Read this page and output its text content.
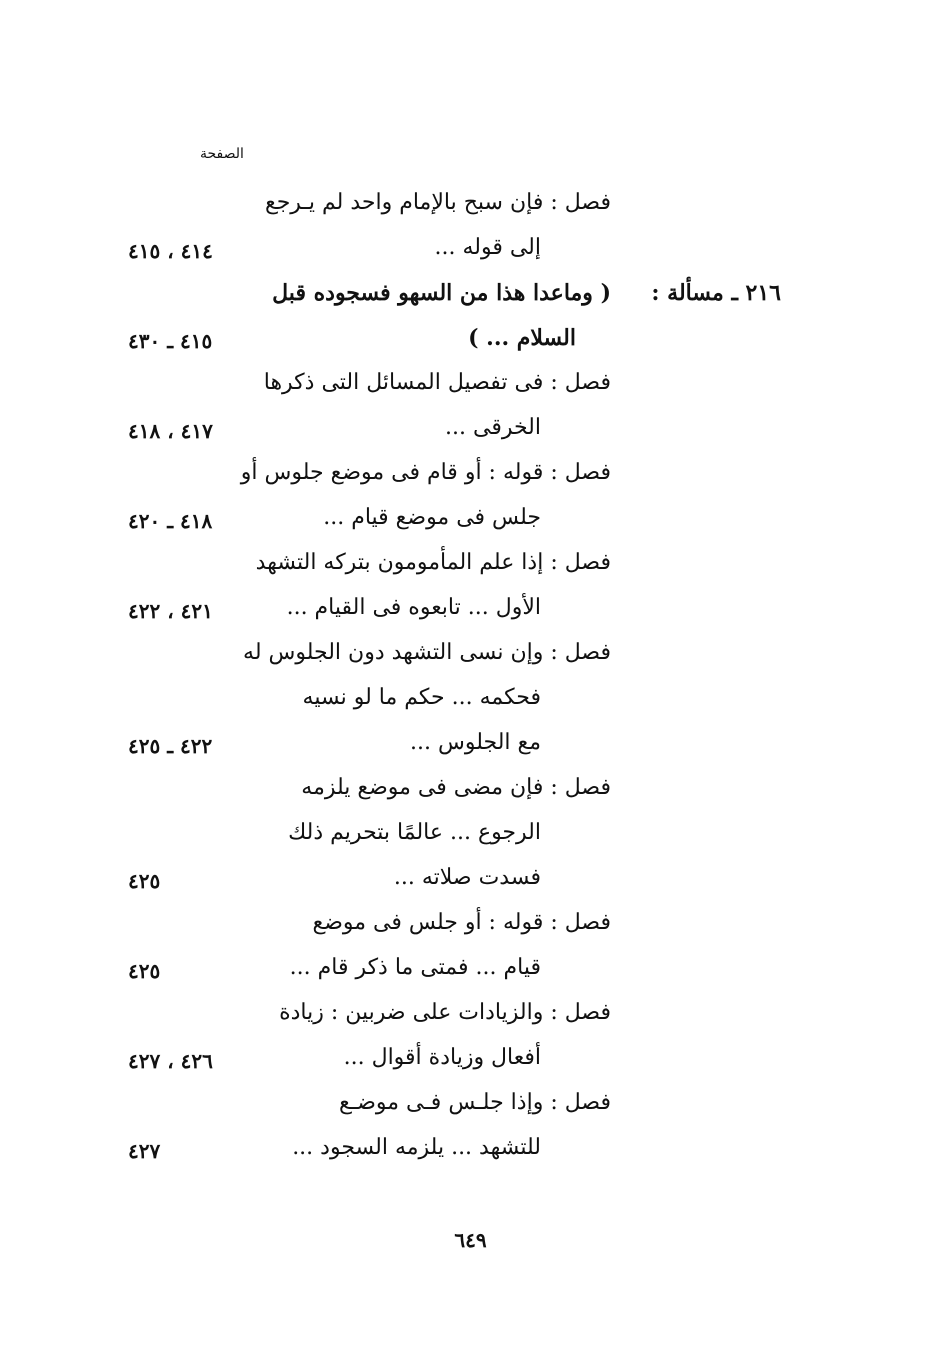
الصفحة
فصل : فإن سبح بالإمام واحد لم يـرجع
إلى قوله ...
٤١٤ ، ٤١٥
٢١٦ ـ مسألة :
( وماعدا هذا من السهو فسجوده قبل
السلام ... )
٤١٥ ـ ٤٣٠
فصل : فى تفصيل المسائل التى ذكرها
الخرقى ...
٤١٧ ، ٤١٨
فصل : قوله : أو قام فى موضع جلوس أو
جلس فى موضع قيام ...
٤١٨ ـ ٤٢٠
فصل : إذا علم المأمومون بتركه التشهد
الأول ... تابعوه فى القيام ...
٤٢١ ، ٤٢٢
فصل : وإن نسى التشهد دون الجلوس له
فحكمه ... حكم ما لو نسيه
مع الجلوس ...
٤٢٢ ـ ٤٢٥
فصل : فإن مضى فى موضع يلزمه
الرجوع ... عالمًا بتحريم ذلك
فسدت صلاته ...
٤٢٥
فصل : قوله : أو جلس فى موضع
قيام ... فمتى ما ذكر قام ...
٤٢٥
فصل : والزيادات على ضربين : زيادة
أفعال وزيادة أقوال ...
٤٢٦ ، ٤٢٧
فصل : وإذا جلـس فـى موضـع
للتشهد ... يلزمه السجود ...
٤٢٧
٦٤٩
